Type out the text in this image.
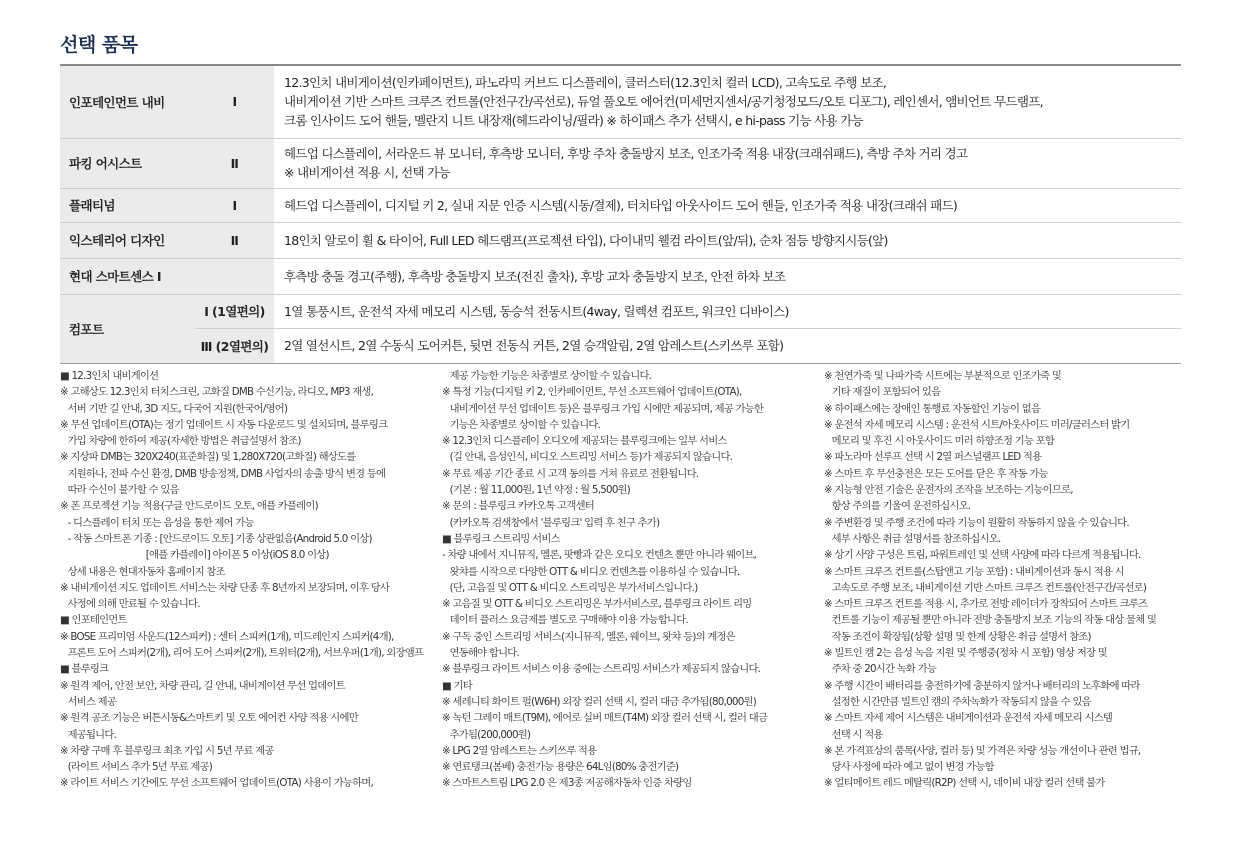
선택 품목
인포테인먼트 내비	Ⅰ	12.3인치 내비게이션(인카페이먼트), 파노라믹 커브드 디스플레이, 클러스터(12.3인치 컬러 LCD), 고속도로 주행 보조,
내비게이션 기반 스마트 크루즈 컨트롤(안전구간/곡선로), 듀얼 풀오토 에어컨(미세먼지센서/공기청정모드/오토 디포그), 레인센서, 앰비언트 무드램프,
크롬 인사이드 도어 핸들, 멜란지 니트 내장재(헤드라이닝/필라) ※ 하이패스 추가 선택시, e hi-pass 기능 사용 가능

파킹 어시스트	Ⅱ	헤드업 디스플레이, 서라운드 뷰 모니터, 후측방 모니터, 후방 주차 충돌방지 보조, 인조가죽 적용 내장(크래쉬패드), 측방 주차 거리 경고
※ 내비게이션 적용 시, 선택 가능

플래티넘	Ⅰ	헤드업 디스플레이, 디지털 키 2, 실내 지문 인증 시스템(시동/결제), 터치타입 아웃사이드 도어 핸들, 인조가죽 적용 내장(크래쉬 패드)

익스테리어 디자인	Ⅱ	18인치 알로이 휠 & 타이어, Full LED 헤드램프(프로젝션 타입), 다이내믹 웰컴 라이트(앞/뒤), 순차 점등 방향지시등(앞)

현대 스마트센스 Ⅰ		후측방 충돌 경고(주행), 후측방 충돌방지 보조(전진 출차), 후방 교차 충돌방지 보조, 안전 하차 보조

컴포트	Ⅰ (1열편의)	1열 통풍시트, 운전석 자세 메모리 시스템, 동승석 전동시트(4way, 릴렉션 컴포트, 워크인 디바이스)

	Ⅲ (2열편의)	2열 열선시트, 2열 수동식 도어커튼, 뒷면 전동식 커튼, 2열 승객알림, 2열 암레스트(스키쓰루 포함)
■ 12.3인치 내비게이션
※ 고해상도 12.3인치 터치스크린, 고화질 DMB 수신기능, 라디오, MP3 재생,
서버 기반 길 안내, 3D 지도, 다국어 지원(한국어/영어)
※ 무선 업데이트(OTA)는 정기 업데이트 시 자동 다운로드 및 설치되며, 블루링크
가입 차량에 한하여 제공(자세한 방법은 취급설명서 참조)
※ 지상파 DMB는 320X240(표준화질) 및 1,280X720(고화질) 해상도를
지원하나, 전파 수신 환경, DMB 방송정책, DMB 사업자의 송출 방식 변경 등에
따라 수신이 불가할 수 있음
※ 폰 프로젝션 기능 적용(구글 안드로이드 오토, 애플 카플레이)
- 디스플레이 터치 또는 음성을 통한 제어 가능
- 작동 스마트폰 기종 : [안드로이드 오토] 기종 상관없음(Android 5.0 이상)
[애플 카플레이] 아이폰 5 이상(iOS 8.0 이상)
상세 내용은 현대자동차 홈페이지 참조
※ 내비게이션 지도 업데이트 서비스는 차량 단종 후 8년까지 보장되며, 이후 당사
사정에 의해 만료될 수 있습니다.
■ 인포테인먼트
※ BOSE 프리미엄 사운드(12스피커) : 센터 스피커(1개), 미드레인지 스피커(4개),
프론트 도어 스피커(2개), 리어 도어 스피커(2개), 트위터(2개), 서브우퍼(1개), 외장앰프
■ 블루링크
※ 원격 제어, 안전 보안, 차량 관리, 길 안내, 내비게이션 무선 업데이트
서비스 제공
※ 원격 공조 기능은 버튼시동&스마트키 및 오토 에어컨 사양 적용 시에만
제공됩니다.
※ 차량 구매 후 블루링크 최초 가입 시 5년 무료 제공
(라이트 서비스 추가 5년 무료 제공)
※ 라이트 서비스 기간에도 무선 소프트웨어 업데이트(OTA) 사용이 가능하며,
제공 가능한 기능은 차종별로 상이할 수 있습니다.
※ 특정 기능(디지털 키 2, 인카페이먼트, 무선 소프트웨어 업데이트(OTA),
내비게이션 무선 업데이트 등)은 블루링크 가입 시에만 제공되며, 제공 가능한
기능은 차종별로 상이할 수 있습니다.
※ 12.3인치 디스플레이 오디오에 제공되는 블루링크에는 일부 서비스
(길 안내, 음성인식, 비디오 스트리밍 서비스 등)가 제공되지 않습니다.
※ 무료 제공 기간 종료 시 고객 동의를 거쳐 유료로 전환됩니다.
(기본 : 월 11,000원, 1년 약정 : 월 5,500원)
※ 문의 : 블루링크 카카오톡 고객센터
(카카오톡 검색창에서 '블루링크' 입력 후 친구 추가)
■ 블루링크 스트리밍 서비스
- 차량 내에서 지니뮤직, 멜론, 팟빵과 같은 오디오 컨텐츠 뿐만 아니라 웨이브,
왓챠를 시작으로 다양한 OTT & 비디오 컨텐츠를 이용하실 수 있습니다.
(단, 고음질 및 OTT & 비디오 스트리밍은 부가서비스입니다.)
※ 고음질 및 OTT & 비디오 스트리밍은 부가서비스로, 블루링크 라이트 리밍
데이터 플러스 요금제를 별도로 구매해야 이용 가능합니다.
※ 구독 중인 스트리밍 서비스(지니뮤직, 멜론, 웨이브, 왓챠 등)의 계정은
연동해야 합니다.
※ 블루링크 라이트 서비스 이용 중에는 스트리밍 서비스가 제공되지 않습니다.
■ 기타
※ 세레니티 화이트 펄(W6H) 외장 컬러 선택 시, 컬러 대금 추가됨(80,000원)
※ 녹턴 그레이 매트(T9M), 에어로 실버 매트(T4M) 외장 컬러 선택 시, 컬러 대금
추가됨(200,000원)
※ LPG 2열 암레스트는 스키쓰루 적용
※ 연료탱크(봄베) 충전가능 용량은 64L임(80% 충전기준)
※ 스마트스트림 LPG 2.0 은 제3종 저공해자동차 인증 차량임
※ 천연가죽 및 나파가죽 시트에는 부분적으로 인조가죽 및
기타 재질이 포함되어 있음
※ 하이패스에는 장애인 통행료 자동할인 기능이 없음
※ 운전석 자세 메모리 시스템 : 운전석 시트/아웃사이드 미러/클러스터 밝기
메모리 및 후진 시 아웃사이드 미러 하향조정 기능 포함
※ 파노라마 선루프 선택 시 2열 퍼스널램프 LED 적용
※ 스마트 후 무선충전은 모든 도어를 닫은 후 작동 가능
※ 지능형 안전 기술은 운전자의 조작을 보조하는 기능이므로,
항상 주의를 기울여 운전하십시오.
※ 주변환경 및 주행 조건에 따라 기능이 원활히 작동하지 않을 수 있습니다.
세부 사항은 취급 설명서를 참조하십시오.
※ 상기 사양 구성은 트림, 파워트레인 및 선택 사양에 따라 다르게 적용됩니다.
※ 스마트 크루즈 컨트롤(스탑앤고 기능 포함) : 내비게이션과 동시 적용 시
고속도로 주행 보조, 내비게이션 기반 스마트 크루즈 컨트롤(안전구간/곡선로)
※ 스마트 크루즈 컨트롤 적용 시, 추가로 전방 레이더가 장착되어 스마트 크루즈
컨트롤 기능이 제공될 뿐만 아니라 전방 충돌방지 보조 기능의 작동 대상 물체 및
작동 조건이 확장됨(상황 설명 및 한계 상황은 취급 설명서 참조)
※ 빌트인 캠 2는 음성 녹음 지원 및 주행중(정차 시 포함) 영상 저장 및
주차 중 20시간 녹화 가능
※ 주행 시간이 배터리를 충전하기에 충분하지 않거나 배터리의 노후화에 따라
설정한 시간만큼 빌트인 캠의 주차녹화가 작동되지 않을 수 있음
※ 스마트 자세 제어 시스템은 내비게이션과 운전석 자세 메모리 시스템
선택 시 적용
※ 본 가격표상의 품목(사양, 컬러 등) 및 가격은 차량 성능 개선이나 관련 법규,
당사 사정에 따라 예고 없이 변경 가능함
※ 얼티메이트 레드 메탈릭(R2P) 선택 시, 네이비 내장 컬러 선택 불가
